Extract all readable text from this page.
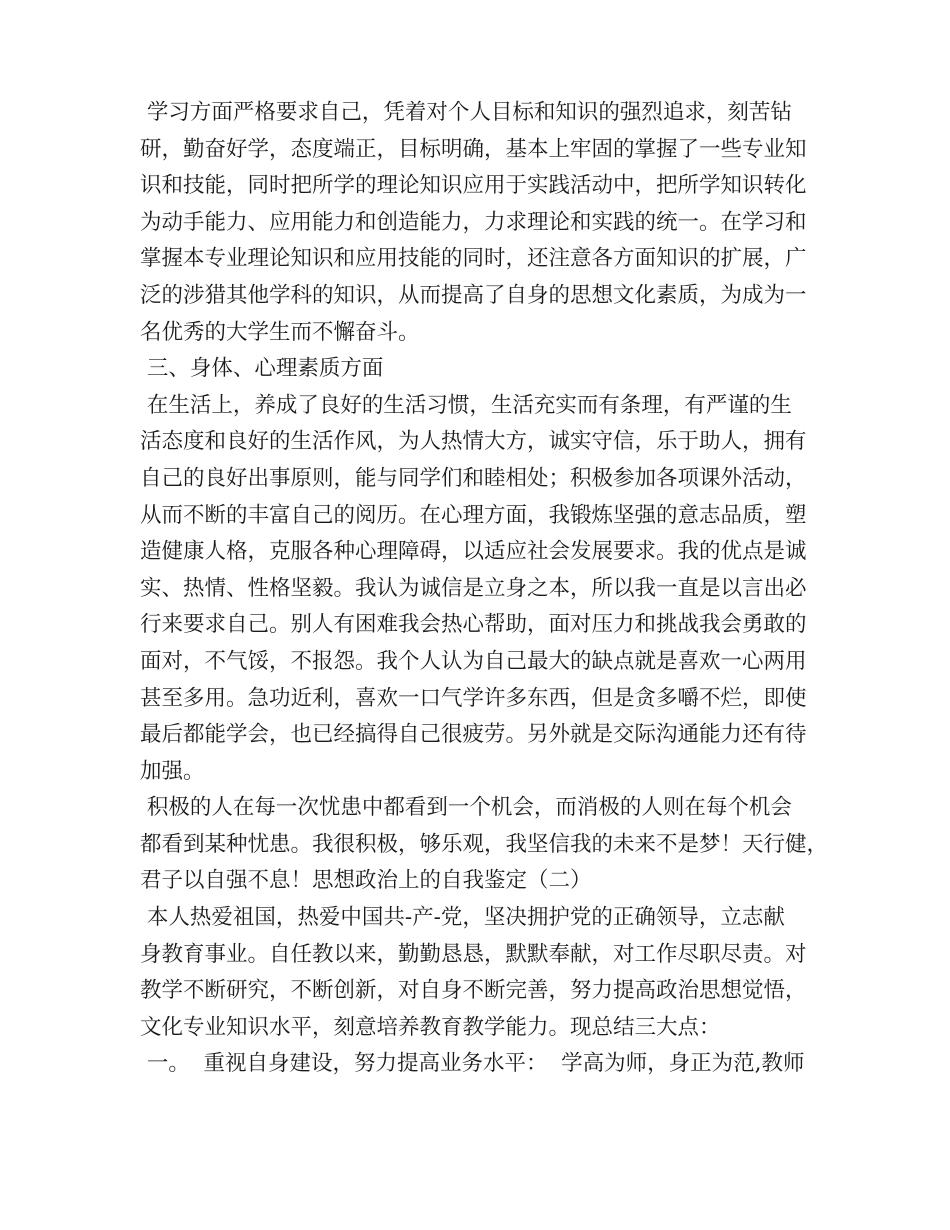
学习方面严格要求自己，凭着对个人目标和知识的强烈追求，刻苦钻
研，勤奋好学，态度端正，目标明确，基本上牢固的掌握了一些专业知
识和技能，同时把所学的理论知识应用于实践活动中，把所学知识转化
为动手能力、应用能力和创造能力，力求理论和实践的统一。在学习和
掌握本专业理论知识和应用技能的同时，还注意各方面知识的扩展，广
泛的涉猎其他学科的知识，从而提高了自身的思想文化素质，为成为一
名优秀的大学生而不懈奋斗。
三、身体、心理素质方面
在生活上，养成了良好的生活习惯，生活充实而有条理，有严谨的生
活态度和良好的生活作风，为人热情大方，诚实守信，乐于助人，拥有
自己的良好出事原则，能与同学们和睦相处；积极参加各项课外活动，
从而不断的丰富自己的阅历。在心理方面，我锻炼坚强的意志品质，塑
造健康人格，克服各种心理障碍，以适应社会发展要求。我的优点是诚
实、热情、性格坚毅。我认为诚信是立身之本，所以我一直是以言出必
行来要求自己。别人有困难我会热心帮助，面对压力和挑战我会勇敢的
面对，不气馁，不报怨。我个人认为自己最大的缺点就是喜欢一心两用
甚至多用。急功近利，喜欢一口气学许多东西，但是贪多嚼不烂，即使
最后都能学会，也已经搞得自己很疲劳。另外就是交际沟通能力还有待
加强。
积极的人在每一次忧患中都看到一个机会，而消极的人则在每个机会
都看到某种忧患。我很积极，够乐观，我坚信我的未来不是梦！天行健，
君子以自强不息！思想政治上的自我鉴定（二）
本人热爱祖国，热爱中国共-产-党，坚决拥护党的正确领导，立志献
身教育事业。自任教以来，勤勤恳恳，默默奉献，对工作尽职尽责。对
教学不断研究，不断创新，对自身不断完善，努力提高政治思想觉悟，
文化专业知识水平，刻意培养教育教学能力。现总结三大点：
一。  重视自身建设，努力提高业务水平：  学高为师，身正为范,教师
